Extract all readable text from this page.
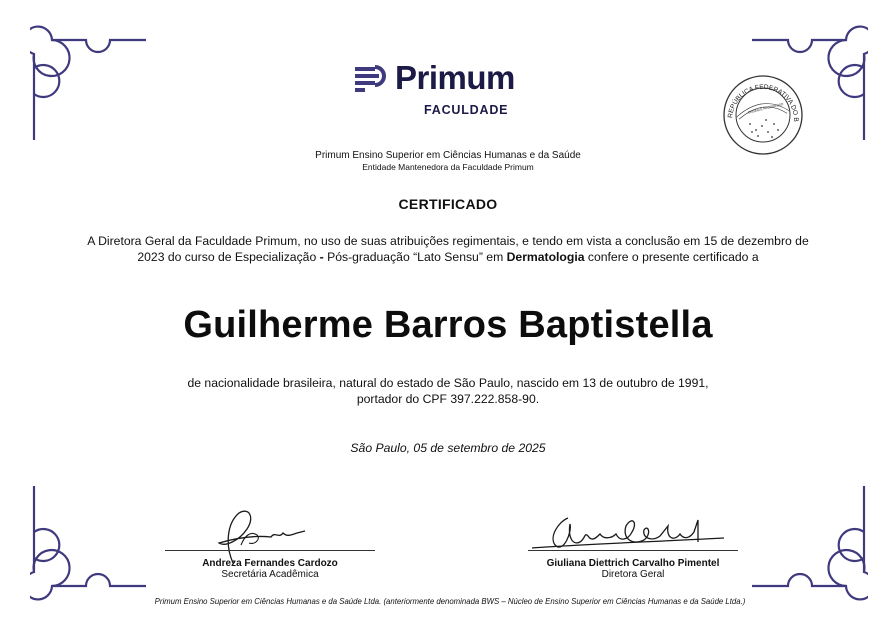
Primum
FACULDADE	REPÚBLICA FEDERATIVA DO B
ORDEM E PROGRESSO
Primum Ensino Superior em Ciências Humanas e da Saúde
Entidade Mantenedora da Faculdade Primum
CERTIFICADO
A Diretora Geral da Faculdade Primum, no uso de suas atribuições regimentais, e tendo em vista a conclusão em 15 de dezembro de 2023 do curso de Especialização - Pós-graduação “Lato Sensu” em Dermatologia confere o presente certificado a
Guilherme Barros Baptistella
de nacionalidade brasileira, natural do estado de São Paulo, nascido em 13 de outubro de 1991,
portador do CPF 397.222.858-90.
São Paulo, 05 de setembro de 2025
Andreza Fernandes Cardozo
Secretária Acadêmica
Giuliana Diettrich Carvalho Pimentel
Diretora Geral
Primum Ensino Superior em Ciências Humanas e da Saúde Ltda. (anteriormente denominada BWS – Núcleo de Ensino Superior em Ciências Humanas e da Saúde Ltda.)
